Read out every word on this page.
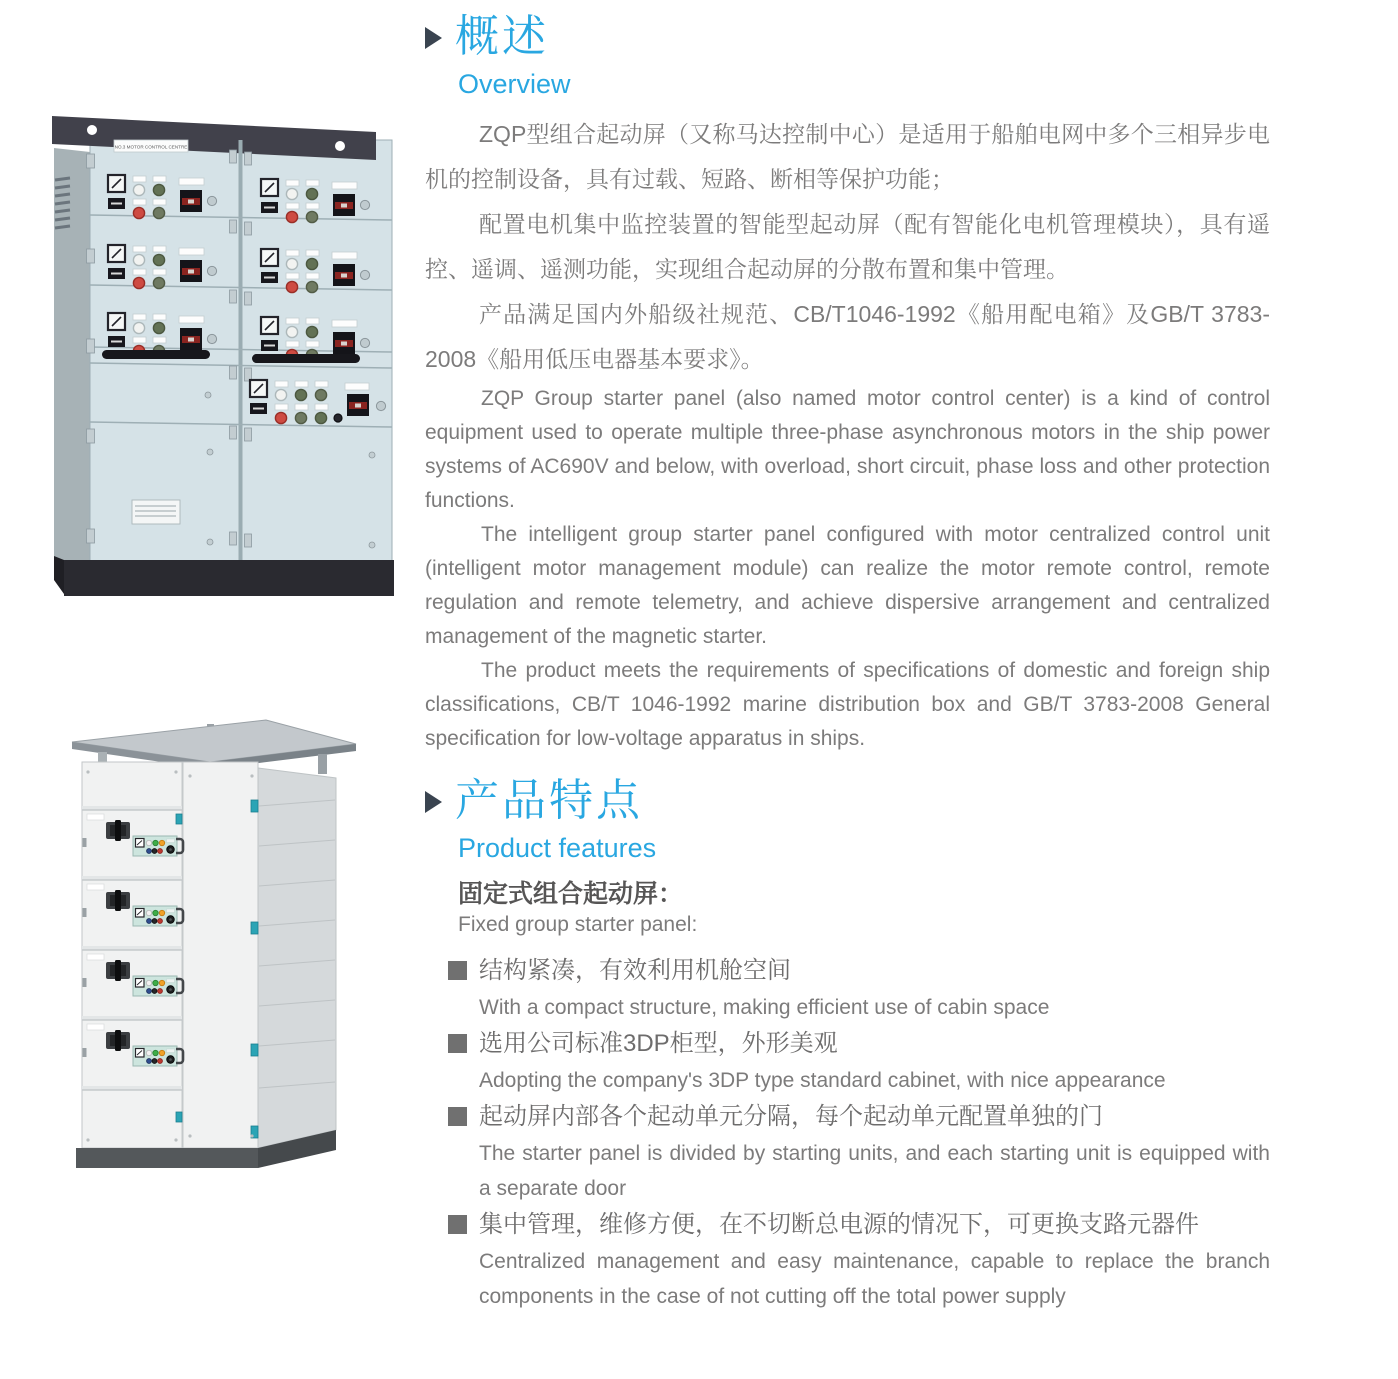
NO.3 MOTOR CONTROL CENTRE
概述
Overview

ZQP型组合起动屏（又称马达控制中心）是适用于船舶电网中多个三相异步电机的控制设备，具有过载、短路、断相等保护功能；

配置电机集中监控装置的智能型起动屏（配有智能化电机管理模块），具有遥控、遥调、遥测功能，实现组合起动屏的分散布置和集中管理。

产品满足国内外船级社规范、CB/T1046-1992《船用配电箱》及GB/T 3783-2008《船用低压电器基本要求》。

ZQP Group starter panel (also named motor control center) is a kind of control equipment used to operate multiple three-phase asynchronous motors in the ship power systems of AC690V and below, with overload, short circuit, phase loss and other protection functions.

The intelligent group starter panel configured with motor centralized control unit (intelligent motor management module) can realize the motor remote control, remote regulation and remote telemetry, and achieve dispersive arrangement and centralized management of the magnetic starter.

The product meets the requirements of specifications of domestic and foreign ship classifications, CB/T 1046-1992 marine distribution box and GB/T 3783-2008 General specification for low-voltage apparatus in ships.

产品特点
Product features

固定式组合起动屏：

Fixed group starter panel:

结构紧凑，有效利用机舱空间

With a compact structure, making efficient use of cabin space

选用公司标准3DP柜型，外形美观

Adopting the company's 3DP type standard cabinet, with nice appearance

起动屏内部各个起动单元分隔，每个起动单元配置单独的门

The starter panel is divided by starting units, and each starting unit is equipped with a separate door

集中管理，维修方便，在不切断总电源的情况下，可更换支路元器件

Centralized management and easy maintenance, capable to replace the branch components in the case of not cutting off the total power supply
